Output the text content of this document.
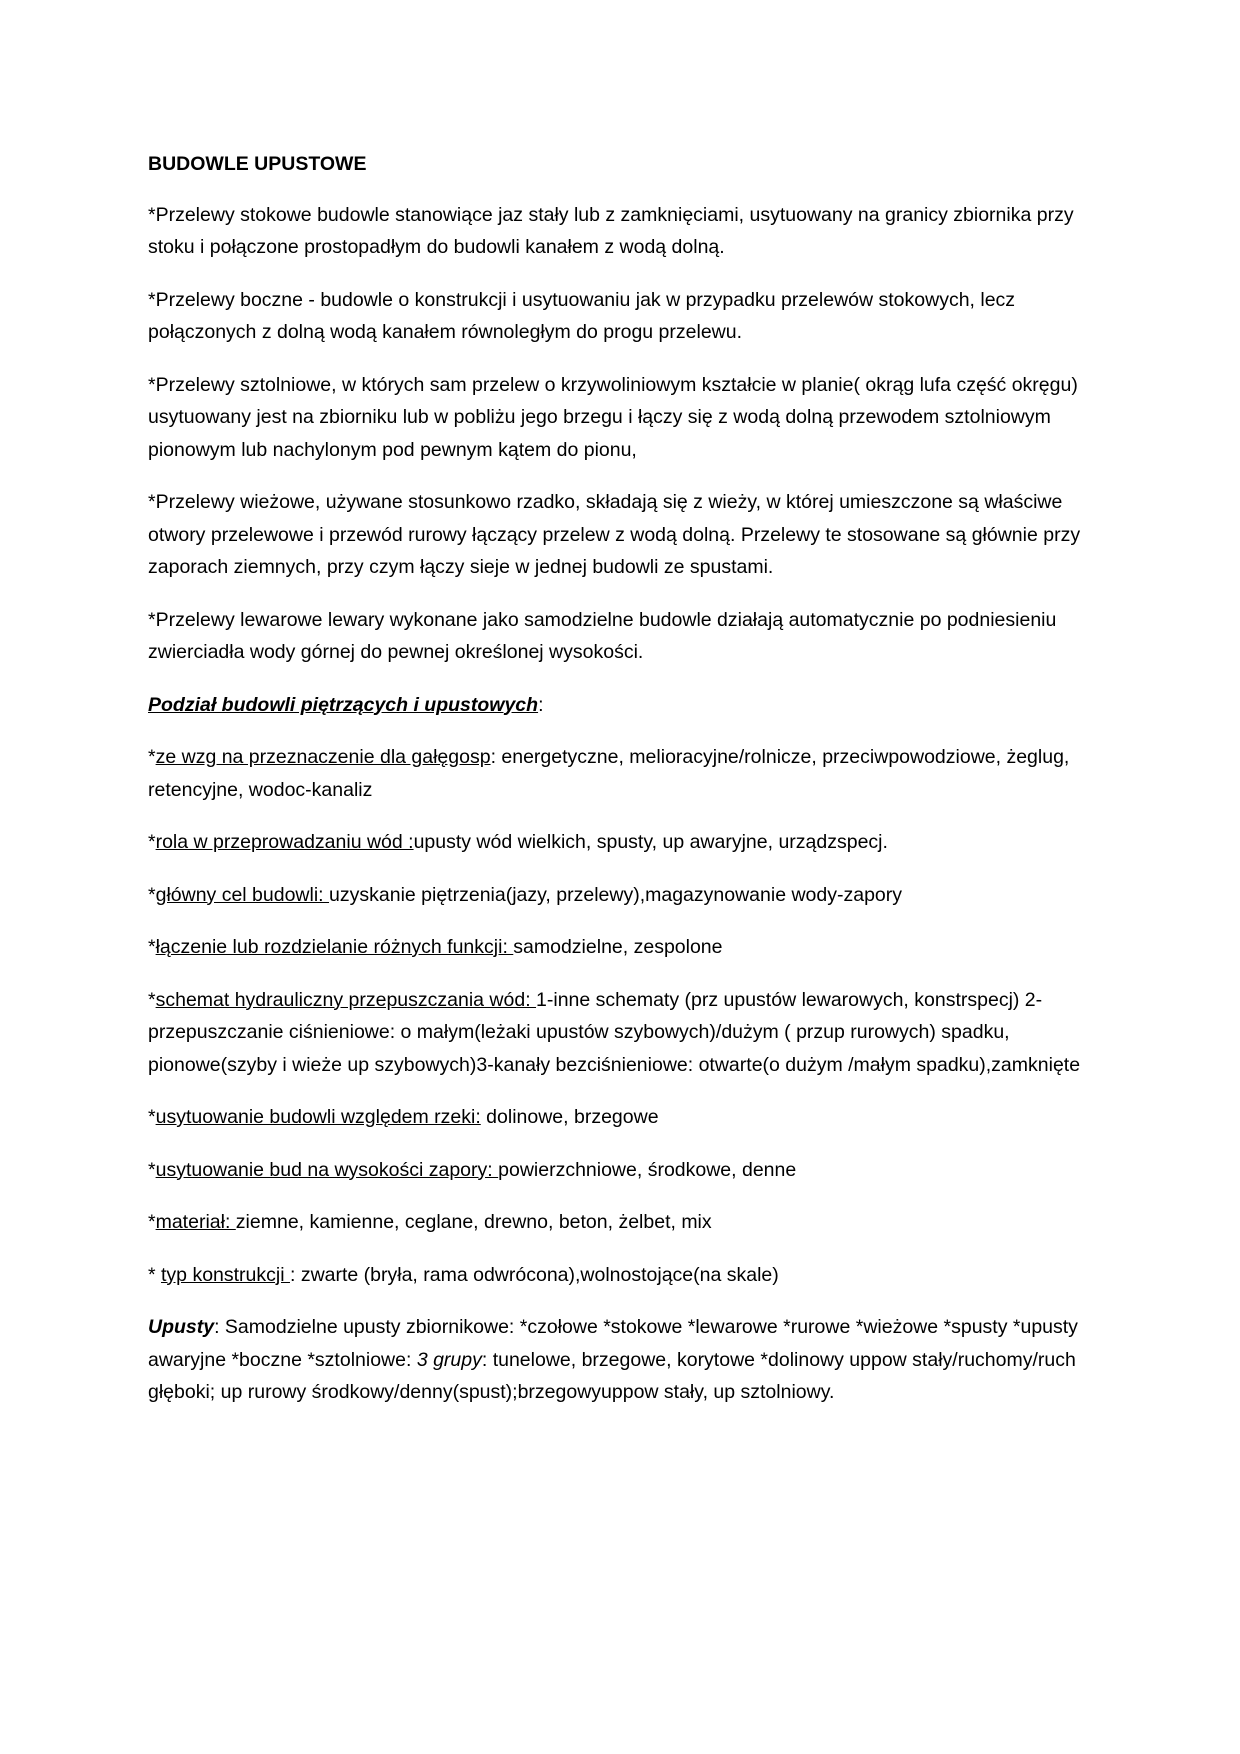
BUDOWLE UPUSTOWE

*Przelewy stokowe budowle stanowiące jaz stały lub z zamknięciami, usytuowany na granicy zbiornika przy stoku i połączone prostopadłym do budowli kanałem z wodą dolną.

*Przelewy boczne - budowle o konstrukcji i usytuowaniu jak w przypadku przelewów stokowych, lecz połączonych z dolną wodą kanałem równoległym do progu przelewu.

*Przelewy sztolniowe, w których sam przelew o krzywoliniowym kształcie w planie( okrąg lufa część okręgu) usytuowany jest na zbiorniku lub w pobliżu jego brzegu i łączy się z wodą dolną przewodem sztolniowym pionowym lub nachylonym pod pewnym kątem do pionu,

*Przelewy wieżowe, używane stosunkowo rzadko, składają się z wieży, w której umieszczone są właściwe otwory przelewowe i przewód rurowy łączący przelew z wodą dolną. Przelewy te stosowane są głównie przy zaporach ziemnych, przy czym łączy sieje w jednej budowli ze spustami.

*Przelewy lewarowe lewary wykonane jako samodzielne budowle działają automatycznie po podniesieniu zwierciadła wody górnej do pewnej określonej wysokości.

Podział budowli piętrzących i upustowych:

*ze wzg na przeznaczenie dla gałęgosp: energetyczne, melioracyjne/rolnicze, przeciwpowodziowe, żeglug, retencyjne, wodoc-kanaliz

*rola w przeprowadzaniu wód :upusty wód wielkich, spusty, up awaryjne, urządzspecj.

*główny cel budowli: uzyskanie piętrzenia(jazy, przelewy),magazynowanie wody-zapory

*łączenie lub rozdzielanie różnych funkcji: samodzielne, zespolone

*schemat hydrauliczny przepuszczania wód: 1-inne schematy (prz upustów lewarowych, konstrspecj) 2-przepuszczanie ciśnieniowe: o małym(leżaki upustów szybowych)/dużym ( przup rurowych) spadku, pionowe(szyby i wieże up szybowych)3-kanały bezciśnieniowe: otwarte(o dużym /małym spadku),zamknięte

*usytuowanie budowli względem rzeki: dolinowe, brzegowe

*usytuowanie bud na wysokości zapory: powierzchniowe, środkowe, denne

*materiał: ziemne, kamienne, ceglane, drewno, beton, żelbet, mix

* typ konstrukcji : zwarte (bryła, rama odwrócona),wolnostojące(na skale)

Upusty: Samodzielne upusty zbiornikowe: *czołowe *stokowe *lewarowe *rurowe *wieżowe *spusty *upusty awaryjne *boczne *sztolniowe: 3 grupy: tunelowe, brzegowe, korytowe *dolinowy uppow stały/ruchomy/ruch głęboki; up rurowy środkowy/denny(spust);brzegowyuppow stały, up sztolniowy.
